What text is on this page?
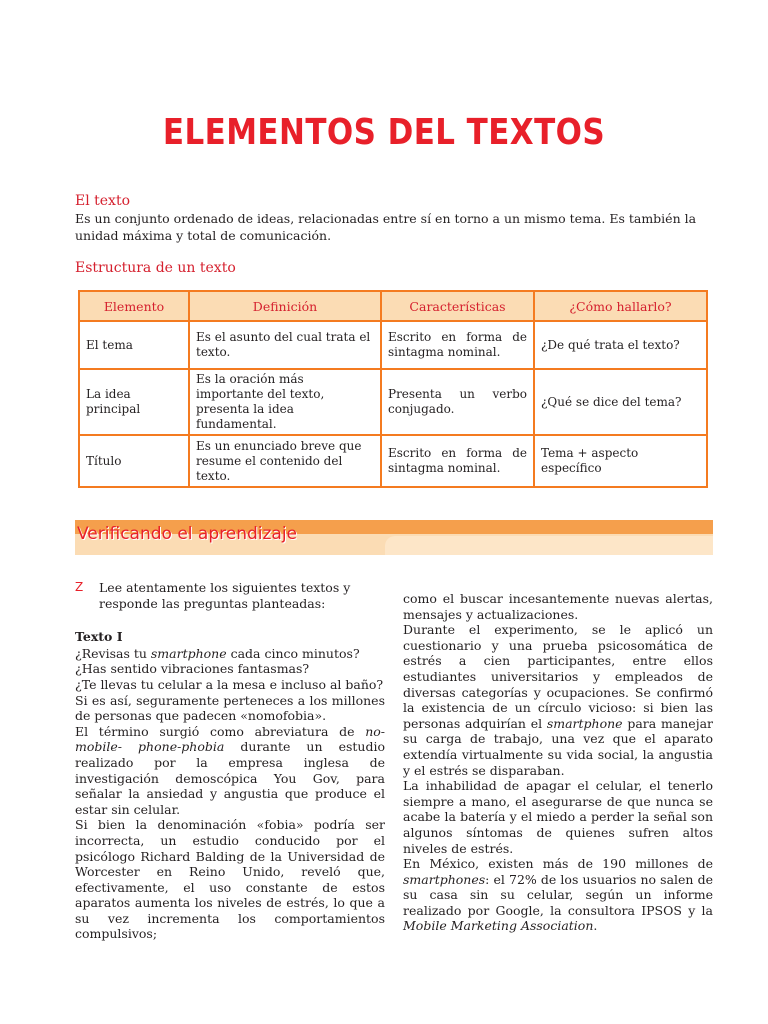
ELEMENTOS DEL TEXTOS
El texto

Es un conjunto ordenado de ideas, relacionadas entre sí en torno a un mismo tema. Es también la unidad máxima y total de comunicación.

Estructura de un texto
Elemento	Definición	Características	¿Cómo hallarlo?
El tema	Es el asunto del cual trata el texto.	Escrito en forma de sintagma nominal.	¿De qué trata el texto?
La idea principal	Es la oración más importante del texto, presenta la idea fundamental.	Presenta un verbo conjugado.	¿Qué se dice del tema?
Título	Es un enunciado breve que resume el contenido del texto.	Escrito en forma de sintagma nominal.	Tema + aspecto específico
Verificando el aprendizaje

Z Lee atentamente los siguientes textos y responde las preguntas planteadas:

Texto I

¿Revisas tu smartphone cada cinco minutos?

¿Has sentido vibraciones fantasmas?

¿Te llevas tu celular a la mesa e incluso al baño?

Si es así, seguramente perteneces a los millones de personas que padecen «nomofobia».

El término surgió como abreviatura de no-mobile- phone-phobia durante un estudio realizado por la empresa inglesa de investigación demoscópica You Gov, para señalar la ansiedad y angustia que produce el estar sin celular.

Si bien la denominación «fobia» podría ser incorrecta, un estudio conducido por el psicólogo Richard Balding de la Universidad de Worcester en Reino Unido, reveló que, efectivamente, el uso constante de estos aparatos aumenta los niveles de estrés, lo que a su vez incrementa los comportamientos compulsivos;

como el buscar incesantemente nuevas alertas, mensajes y actualizaciones.

Durante el experimento, se le aplicó un cuestionario y una prueba psicosomática de estrés a cien participantes, entre ellos estudiantes universitarios y empleados de diversas categorías y ocupaciones. Se confirmó la existencia de un círculo vicioso: si bien las personas adquirían el smartphone para manejar su carga de trabajo, una vez que el aparato extendía virtualmente su vida social, la angustia y el estrés se disparaban.

La inhabilidad de apagar el celular, el tenerlo siempre a mano, el asegurarse de que nunca se acabe la batería y el miedo a perder la señal son algunos síntomas de quienes sufren altos niveles de estrés.

En México, existen más de 190 millones de smartphones: el 72% de los usuarios no salen de su casa sin su celular, según un informe realizado por Google, la consultora IPSOS y la Mobile Marketing Association.
